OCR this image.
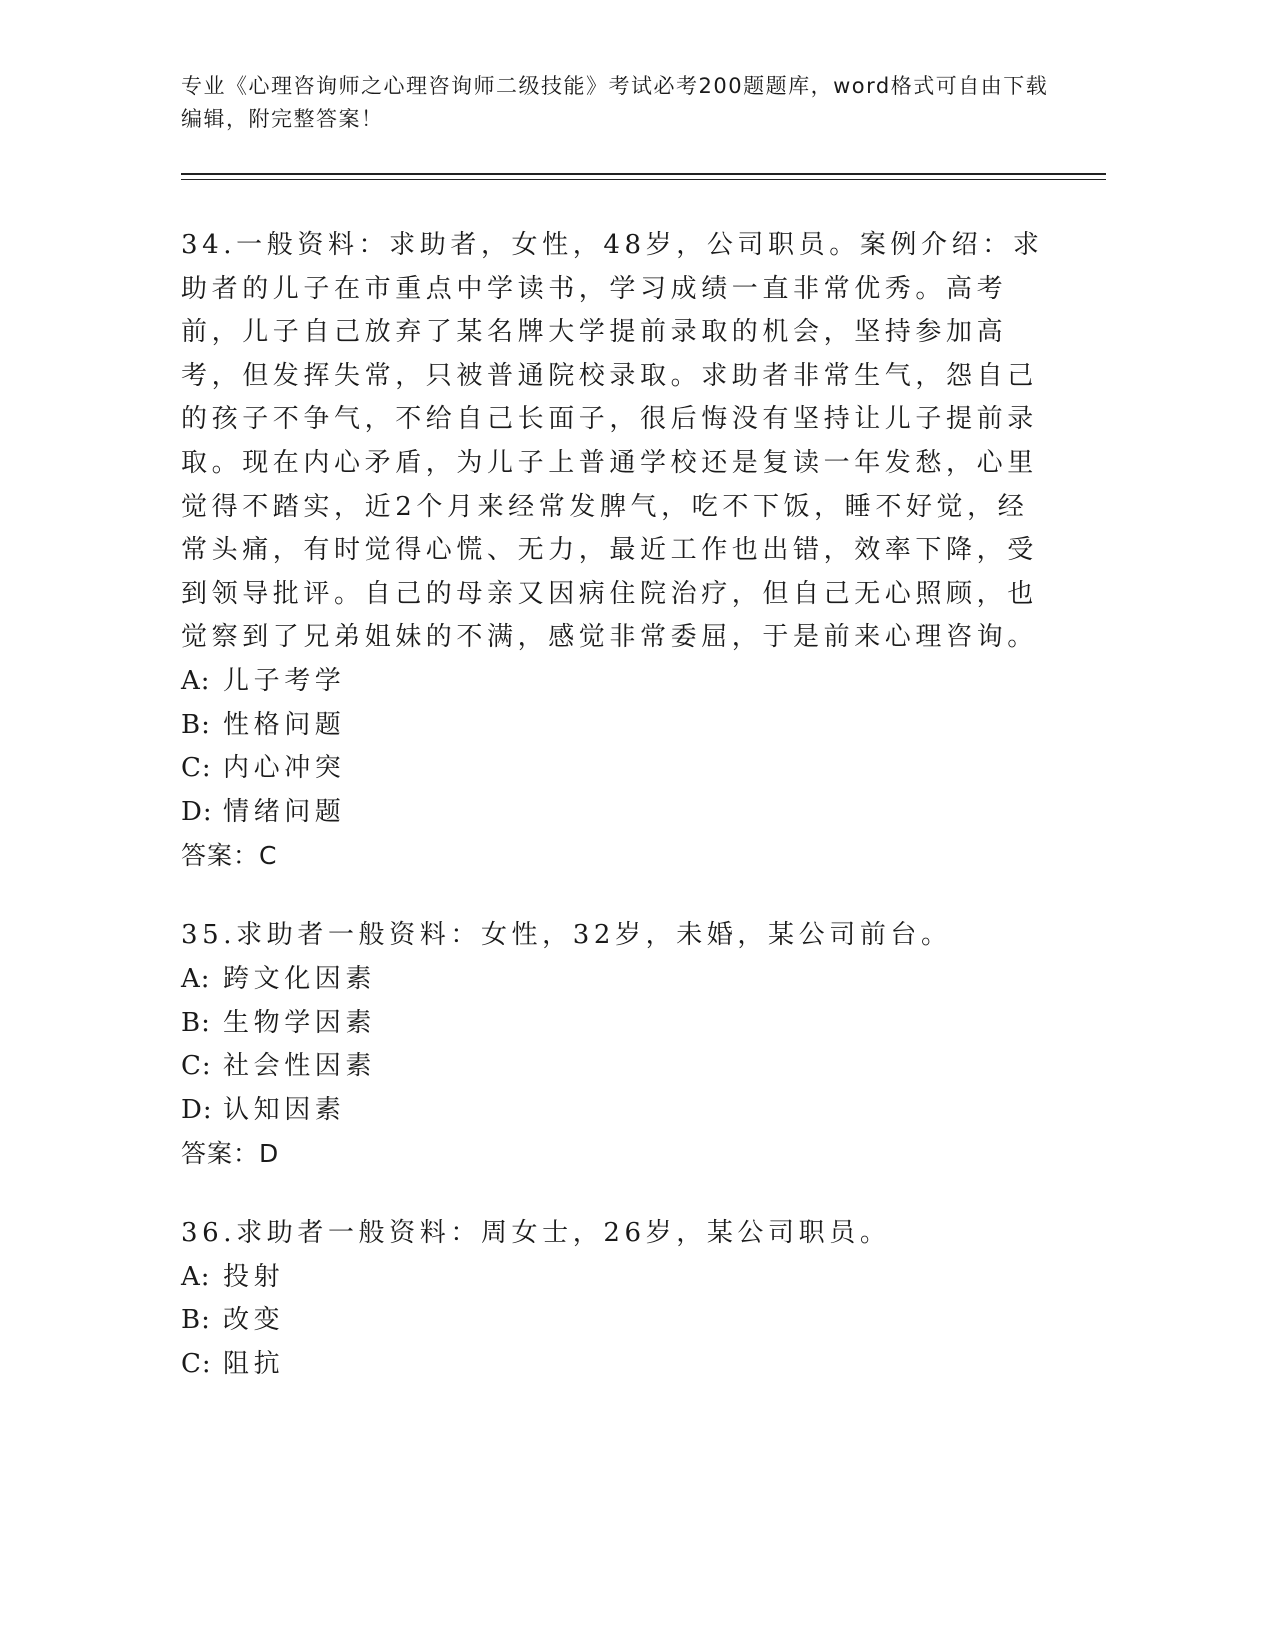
专业《心理咨询师之心理咨询师二级技能》考试必考200题题库，word格式可自由下载编辑，附完整答案！

34.一般资料：求助者，女性，48岁，公司职员。案例介绍：求助者的儿子在市重点中学读书，学习成绩一直非常优秀。高考前，儿子自己放弃了某名牌大学提前录取的机会，坚持参加高考，但发挥失常，只被普通院校录取。求助者非常生气，怨自己的孩子不争气，不给自己长面子，很后悔没有坚持让儿子提前录取。现在内心矛盾，为儿子上普通学校还是复读一年发愁，心里觉得不踏实，近2个月来经常发脾气，吃不下饭，睡不好觉，经常头痛，有时觉得心慌、无力，最近工作也出错，效率下降，受到领导批评。自己的母亲又因病住院治疗，但自己无心照顾，也觉察到了兄弟姐妹的不满，感觉非常委屈，于是前来心理咨询。

A: 儿子考学
B: 性格问题
C: 内心冲突
D: 情绪问题

答案：C

35.求助者一般资料：女性，32岁，未婚，某公司前台。

A: 跨文化因素
B: 生物学因素
C: 社会性因素
D: 认知因素

答案：D

36.求助者一般资料：周女士，26岁，某公司职员。

A: 投射
B: 改变
C: 阻抗
